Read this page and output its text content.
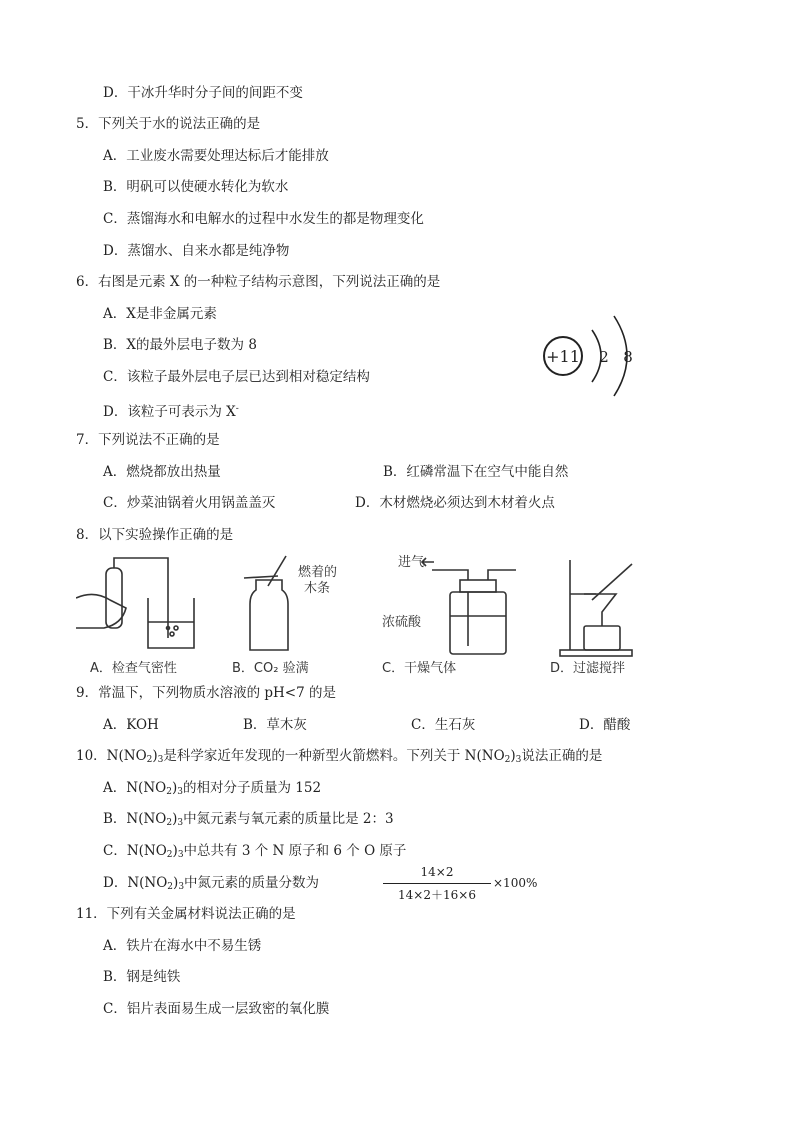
D．干冰升华时分子间的间距不变
5．下列关于水的说法正确的是
A．工业废水需要处理达标后才能排放
B．明矾可以使硬水转化为软水
C．蒸馏海水和电解水的过程中水发生的都是物理变化
D．蒸馏水、自来水都是纯净物
6．右图是元素 X 的一种粒子结构示意图，下列说法正确的是
A．X是非金属元素
B．X的最外层电子数为 8
C．该粒子最外层电子层已达到相对稳定结构
D．该粒子可表示为 X-
+11 2 8
7．下列说法不正确的是
A．燃烧都放出热量	B．红磷常温下在空气中能自然
C．炒菜油锅着火用锅盖盖灭	D．木材燃烧必须达到木材着火点
8．以下实验操作正确的是
A．检查气密性
燃着的
木条
B．CO₂ 验满
进气
浓硫酸
C．干燥气体	D．过滤搅拌
9．常温下，下列物质水溶液的 pH<7 的是
A．KOH	B．草木灰	C．生石灰	D．醋酸
10．$N(NO_2)_3$是科学家近年发现的一种新型火箭燃料。下列关于 $N(NO_2)_3$说法正确的是
A．$N(NO_2)_3$的相对分子质量为 152
B．$N(NO_2)_3$中氮元素与氧元素的质量比是 2：3
C．$N(NO_2)_3$中总共有 3 个 N 原子和 6 个 O 原子
D．$N(NO_2)_3$中氮元素的质量分数为
14×2
14×2＋16×6
×100%
11．下列有关金属材料说法正确的是
A．铁片在海水中不易生锈
B．钢是纯铁
C．铝片表面易生成一层致密的氧化膜
